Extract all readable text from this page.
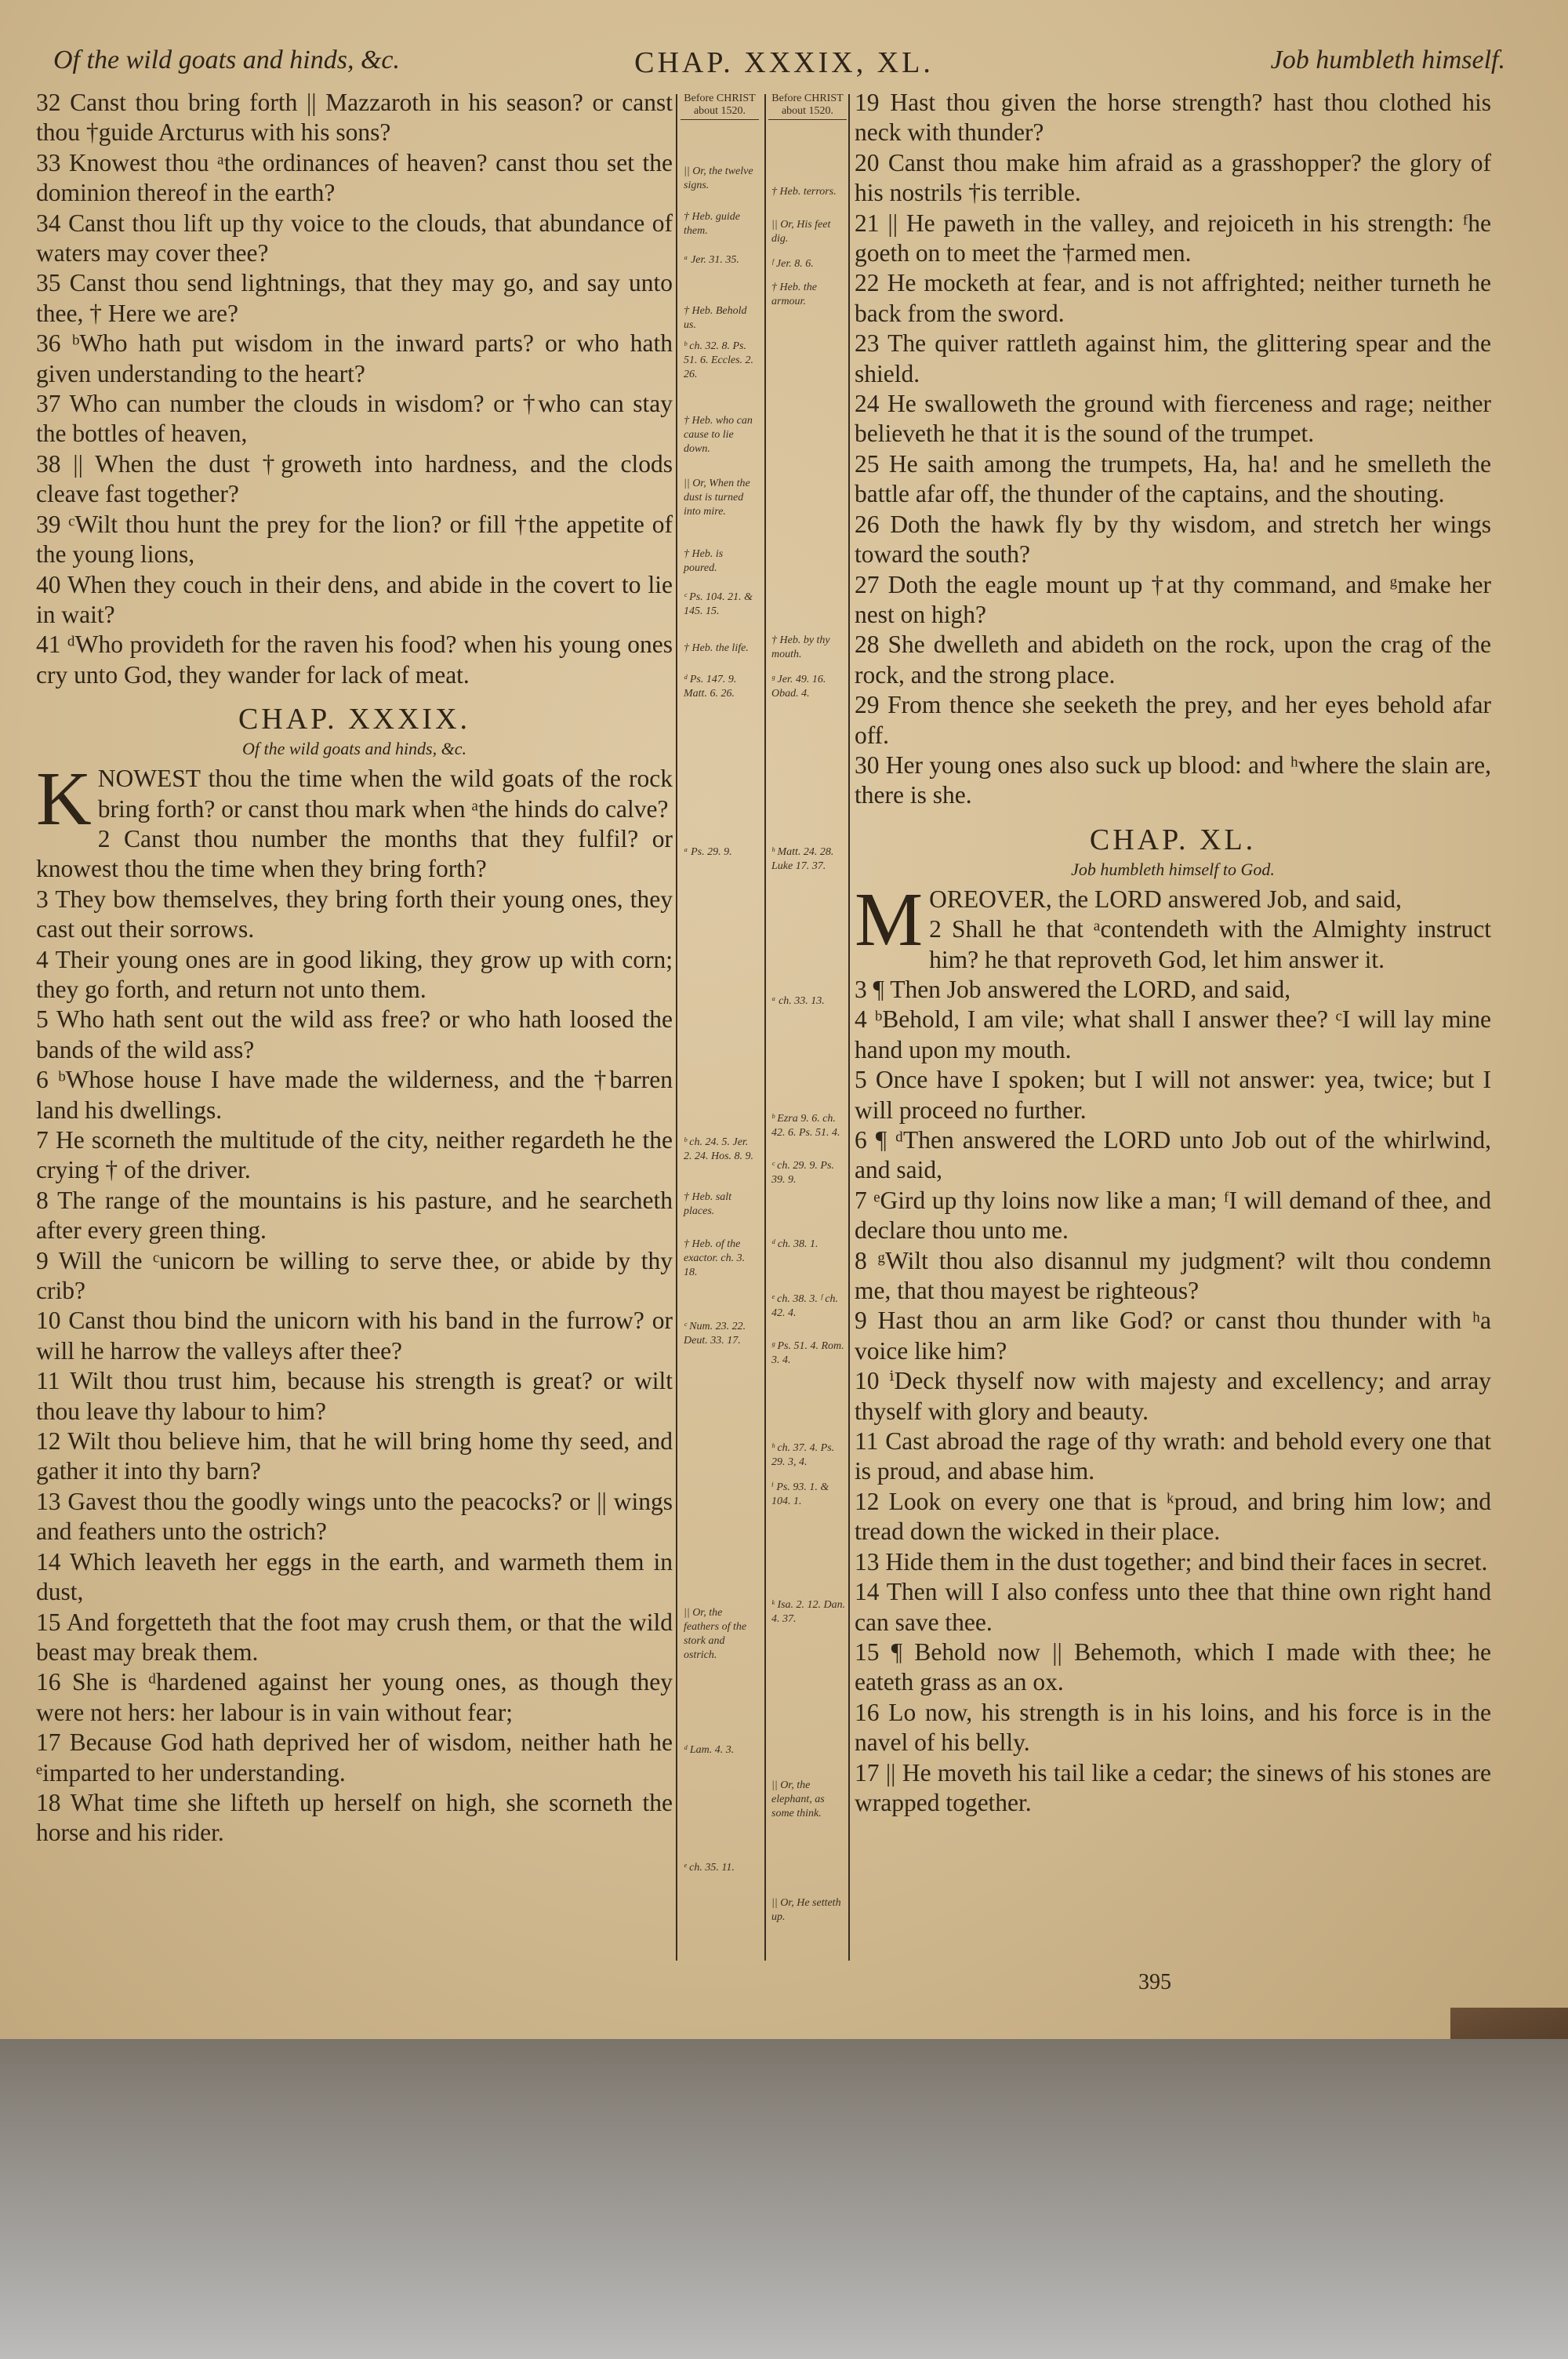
Of the wild goats and hinds, &c.	CHAP. XXXIX, XL.	Job humbleth himself.

32 Canst thou bring forth || Mazzaroth in his season? or canst thou †guide Arcturus with his sons?

33 Knowest thou ᵃthe ordinances of heaven? canst thou set the dominion thereof in the earth?

34 Canst thou lift up thy voice to the clouds, that abundance of waters may cover thee?

35 Canst thou send lightnings, that they may go, and say unto thee, † Here we are?

36 ᵇWho hath put wisdom in the inward parts? or who hath given understanding to the heart?

37 Who can number the clouds in wisdom? or †who can stay the bottles of heaven,

38 || When the dust †groweth into hardness, and the clods cleave fast together?

39 ᶜWilt thou hunt the prey for the lion? or fill †the appetite of the young lions,

40 When they couch in their dens, and abide in the covert to lie in wait?

41 ᵈWho provideth for the raven his food? when his young ones cry unto God, they wander for lack of meat.

CHAP. XXXIX.
Of the wild goats and hinds, &c.

KNOWEST thou the time when the wild goats of the rock bring forth? or canst thou mark when ᵃthe hinds do calve?

2 Canst thou number the months that they fulfil? or knowest thou the time when they bring forth?

3 They bow themselves, they bring forth their young ones, they cast out their sorrows.

4 Their young ones are in good liking, they grow up with corn; they go forth, and return not unto them.

5 Who hath sent out the wild ass free? or who hath loosed the bands of the wild ass?

6 ᵇWhose house I have made the wilderness, and the †barren land his dwellings.

7 He scorneth the multitude of the city, neither regardeth he the crying † of the driver.

8 The range of the mountains is his pasture, and he searcheth after every green thing.

9 Will the ᶜunicorn be willing to serve thee, or abide by thy crib?

10 Canst thou bind the unicorn with his band in the furrow? or will he harrow the valleys after thee?

11 Wilt thou trust him, because his strength is great? or wilt thou leave thy labour to him?

12 Wilt thou believe him, that he will bring home thy seed, and gather it into thy barn?

13 Gavest thou the goodly wings unto the peacocks? or || wings and feathers unto the ostrich?

14 Which leaveth her eggs in the earth, and warmeth them in dust,

15 And forgetteth that the foot may crush them, or that the wild beast may break them.

16 She is ᵈhardened against her young ones, as though they were not hers: her labour is in vain without fear;

17 Because God hath deprived her of wisdom, neither hath he ᵉimparted to her understanding.

18 What time she lifteth up herself on high, she scorneth the horse and his rider.

Before CHRIST about 1520.
|| Or, the twelve signs.
† Heb. guide them.
ᵃ Jer. 31. 35.
† Heb. Behold us.
ᵇ ch. 32. 8. Ps. 51. 6. Eccles. 2. 26.
† Heb. who can cause to lie down.
|| Or, When the dust is turned into mire.
† Heb. is poured.
ᶜ Ps. 104. 21. & 145. 15.
† Heb. the life.
ᵈ Ps. 147. 9. Matt. 6. 26.
ᵃ Ps. 29. 9.
ᵇ ch. 24. 5. Jer. 2. 24. Hos. 8. 9.
† Heb. salt places.
† Heb. of the exactor. ch. 3. 18.
ᶜ Num. 23. 22. Deut. 33. 17.
|| Or, the feathers of the stork and ostrich.
ᵈ Lam. 4. 3.
ᵉ ch. 35. 11.
Before CHRIST about 1520.
† Heb. terrors.
|| Or, His feet dig.
ᶠ Jer. 8. 6.
† Heb. the armour.
† Heb. by thy mouth.
ᵍ Jer. 49. 16. Obad. 4.
ʰ Matt. 24. 28. Luke 17. 37.
ᵃ ch. 33. 13.
ᵇ Ezra 9. 6. ch. 42. 6. Ps. 51. 4.
ᶜ ch. 29. 9. Ps. 39. 9.
ᵈ ch. 38. 1.
ᵉ ch. 38. 3. ᶠ ch. 42. 4.
ᵍ Ps. 51. 4. Rom. 3. 4.
ʰ ch. 37. 4. Ps. 29. 3, 4.
ⁱ Ps. 93. 1. & 104. 1.
ᵏ Isa. 2. 12. Dan. 4. 37.
|| Or, the elephant, as some think.
|| Or, He setteth up.

19 Hast thou given the horse strength? hast thou clothed his neck with thunder?

20 Canst thou make him afraid as a grasshopper? the glory of his nostrils †is terrible.

21 || He paweth in the valley, and rejoiceth in his strength: ᶠhe goeth on to meet the †armed men.

22 He mocketh at fear, and is not affrighted; neither turneth he back from the sword.

23 The quiver rattleth against him, the glittering spear and the shield.

24 He swalloweth the ground with fierceness and rage; neither believeth he that it is the sound of the trumpet.

25 He saith among the trumpets, Ha, ha! and he smelleth the battle afar off, the thunder of the captains, and the shouting.

26 Doth the hawk fly by thy wisdom, and stretch her wings toward the south?

27 Doth the eagle mount up †at thy command, and ᵍmake her nest on high?

28 She dwelleth and abideth on the rock, upon the crag of the rock, and the strong place.

29 From thence she seeketh the prey, and her eyes behold afar off.

30 Her young ones also suck up blood: and ʰwhere the slain are, there is she.

CHAP. XL.
Job humbleth himself to God.

MOREOVER, the LORD answered Job, and said,

2 Shall he that ᵃcontendeth with the Almighty instruct him? he that reproveth God, let him answer it.

3 ¶ Then Job answered the LORD, and said,

4 ᵇBehold, I am vile; what shall I answer thee? ᶜI will lay mine hand upon my mouth.

5 Once have I spoken; but I will not answer: yea, twice; but I will proceed no further.

6 ¶ ᵈThen answered the LORD unto Job out of the whirlwind, and said,

7 ᵉGird up thy loins now like a man; ᶠI will demand of thee, and declare thou unto me.

8 ᵍWilt thou also disannul my judgment? wilt thou condemn me, that thou mayest be righteous?

9 Hast thou an arm like God? or canst thou thunder with ʰa voice like him?

10 ⁱDeck thyself now with majesty and excellency; and array thyself with glory and beauty.

11 Cast abroad the rage of thy wrath: and behold every one that is proud, and abase him.

12 Look on every one that is ᵏproud, and bring him low; and tread down the wicked in their place.

13 Hide them in the dust together; and bind their faces in secret.

14 Then will I also confess unto thee that thine own right hand can save thee.

15 ¶ Behold now || Behemoth, which I made with thee; he eateth grass as an ox.

16 Lo now, his strength is in his loins, and his force is in the navel of his belly.

17 || He moveth his tail like a cedar; the sinews of his stones are wrapped together.

395
